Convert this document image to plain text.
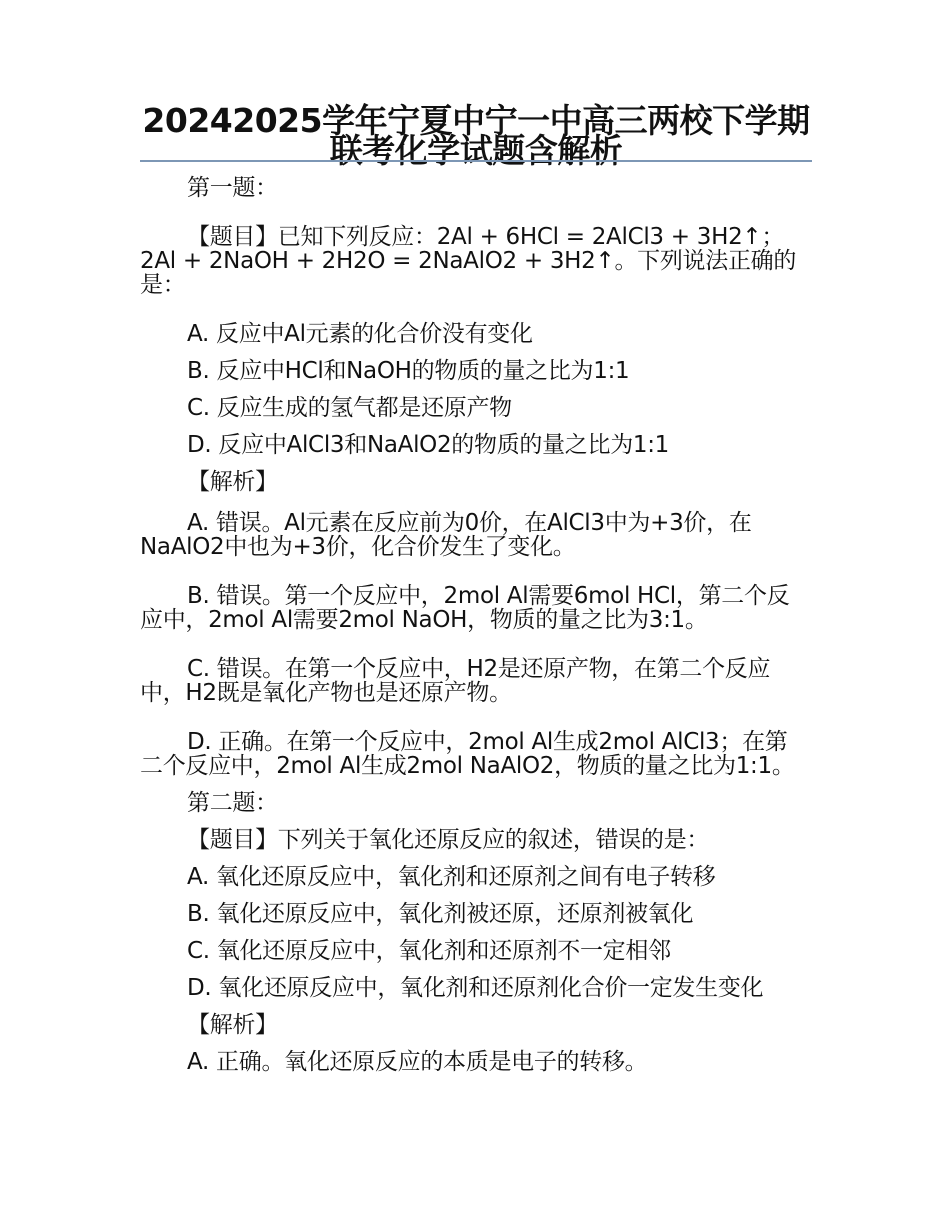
20242025学年宁夏中宁一中高三两校下学期联考化学试题含解析

第一题：

【题目】已知下列反应：2Al + 6HCl = 2AlCl3 + 3H2↑；2Al + 2NaOH + 2H2O = 2NaAlO2 + 3H2↑。下列说法正确的是：

A. 反应中Al元素的化合价没有变化

B. 反应中HCl和NaOH的物质的量之比为1:1

C. 反应生成的氢气都是还原产物

D. 反应中AlCl3和NaAlO2的物质的量之比为1:1

【解析】

A. 错误。Al元素在反应前为0价，在AlCl3中为+3价，在NaAlO2中也为+3价，化合价发生了变化。

B. 错误。第一个反应中，2mol Al需要6mol HCl，第二个反应中，2mol Al需要2mol NaOH，物质的量之比为3:1。

C. 错误。在第一个反应中，H2是还原产物，在第二个反应中，H2既是氧化产物也是还原产物。

D. 正确。在第一个反应中，2mol Al生成2mol AlCl3；在第二个反应中，2mol Al生成2mol NaAlO2，物质的量之比为1:1。

第二题：

【题目】下列关于氧化还原反应的叙述，错误的是：

A. 氧化还原反应中，氧化剂和还原剂之间有电子转移

B. 氧化还原反应中，氧化剂被还原，还原剂被氧化

C. 氧化还原反应中，氧化剂和还原剂不一定相邻

D. 氧化还原反应中，氧化剂和还原剂化合价一定发生变化

【解析】

A. 正确。氧化还原反应的本质是电子的转移。
